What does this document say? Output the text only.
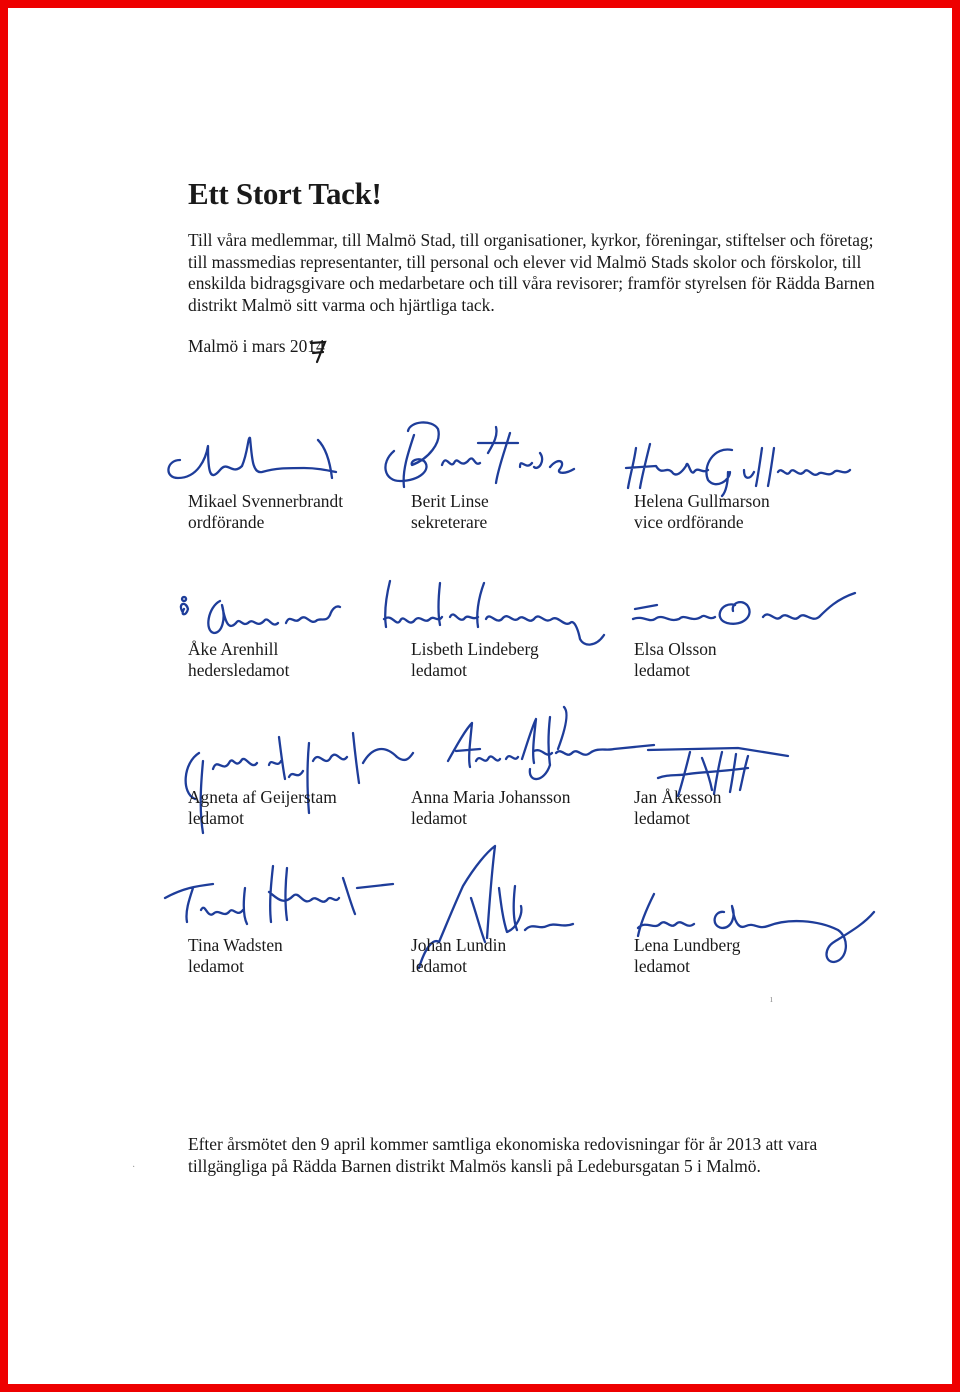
Ett Stort Tack!

Till våra medlemmar, till Malmö Stad, till organisationer, kyrkor, föreningar, stiftelser och företag; till massmedias representanter, till personal och elever vid Malmö Stads skolor och förskolor, till enskilda bidragsgivare och medarbetare och till våra revisorer; framför styrelsen för Rädda Barnen distrikt Malmö sitt varma och hjärtliga tack.

Malmö i mars 2014

Mikael Svennerbrandt
ordförande
Berit Linse
sekreterare
Helena Gullmarson
vice ordförande
Åke Arenhill
hedersledamot
Lisbeth Lindeberg
ledamot
Elsa Olsson
ledamot
Agneta af Geijerstam
ledamot
Anna Maria Johansson
ledamot
Jan Åkesson
ledamot
Tina Wadsten
ledamot
Johan Lundin
ledamot
Lena Lundberg
ledamot

Efter årsmötet den 9 april kommer samtliga ekonomiska redovisningar för år 2013 att vara tillgängliga på Rädda Barnen distrikt Malmös kansli på Ledebursgatan 5 i Malmö.

ı
·
